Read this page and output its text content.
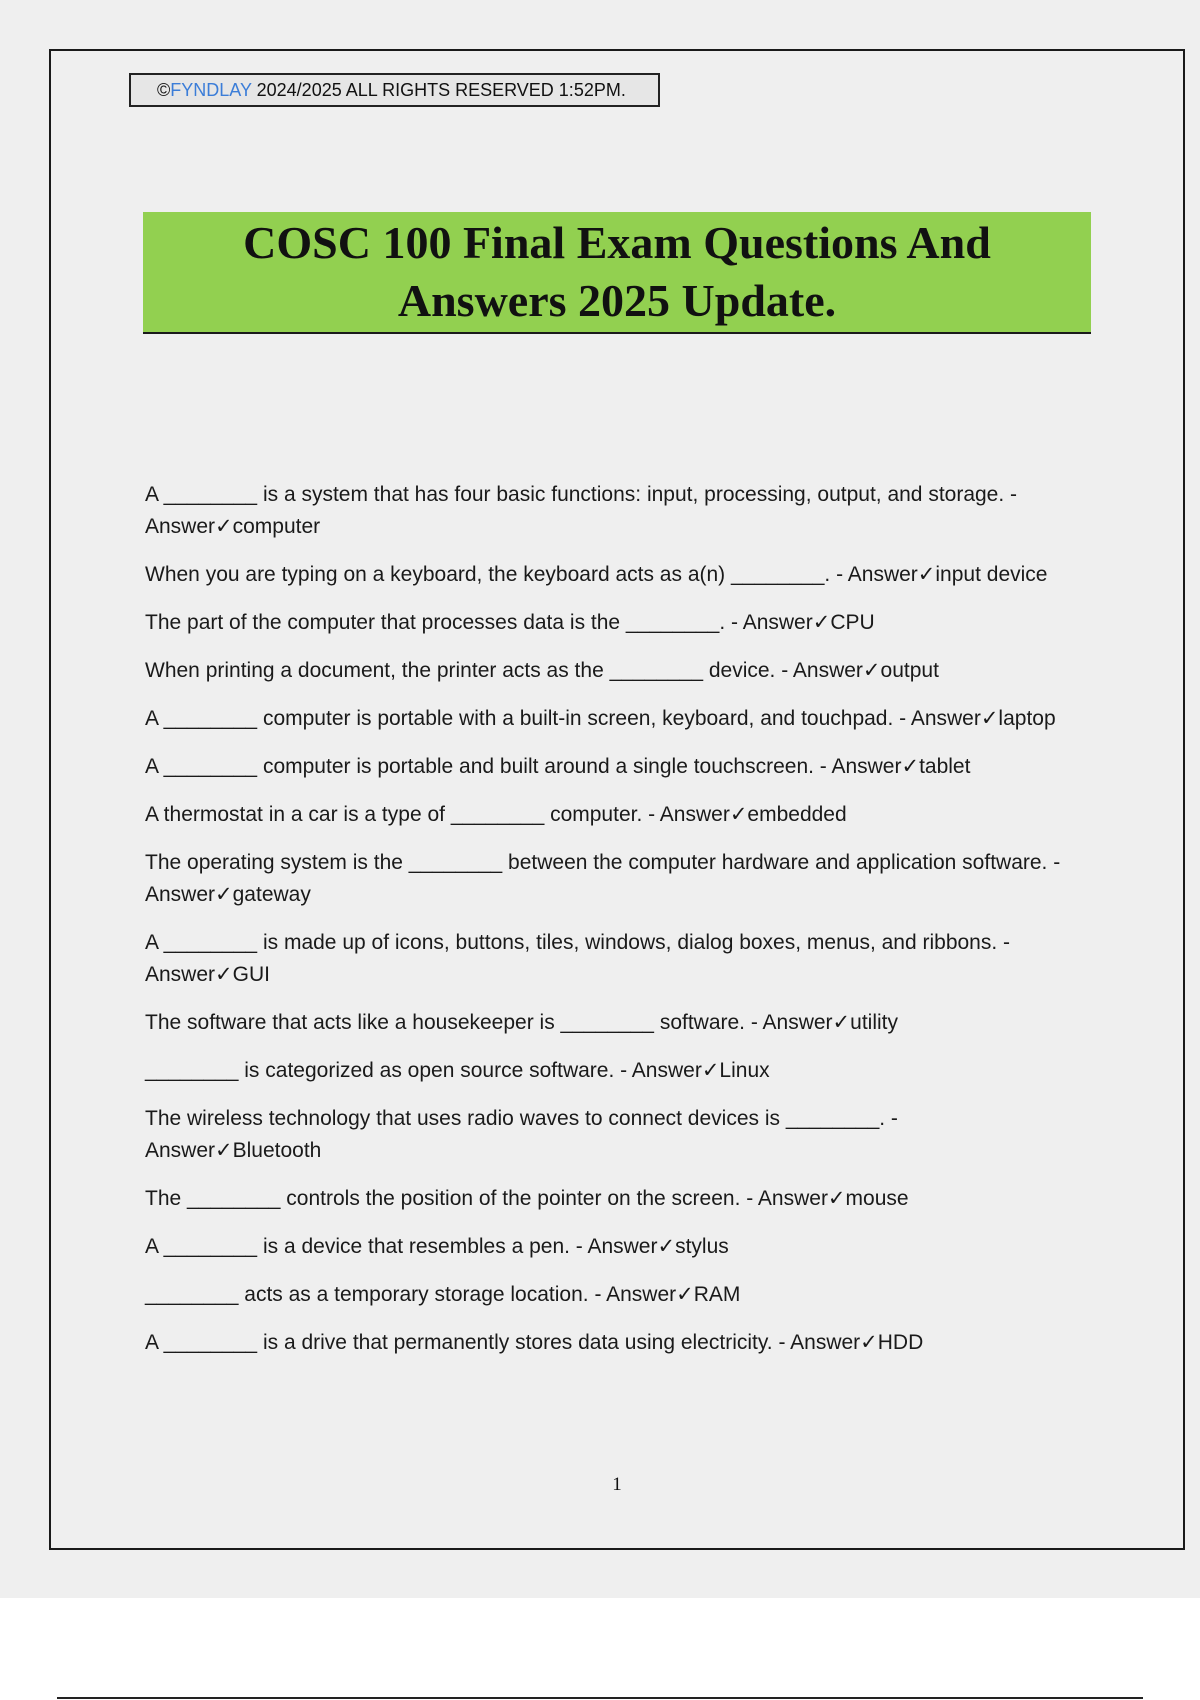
©FYNDLAY 2024/2025 ALL RIGHTS RESERVED 1:52PM.
COSC 100 Final Exam Questions And
Answers 2025 Update.
A ________ is a system that has four basic functions: input, processing, output, and storage. - Answer✓computer
When you are typing on a keyboard, the keyboard acts as a(n) ________. - Answer✓input device
The part of the computer that processes data is the ________. - Answer✓CPU
When printing a document, the printer acts as the ________ device. - Answer✓output
A ________ computer is portable with a built-in screen, keyboard, and touchpad. - Answer✓laptop
A ________ computer is portable and built around a single touchscreen. - Answer✓tablet
A thermostat in a car is a type of ________ computer. - Answer✓embedded
The operating system is the ________ between the computer hardware and application software. - Answer✓gateway
A ________ is made up of icons, buttons, tiles, windows, dialog boxes, menus, and ribbons. - Answer✓GUI
The software that acts like a housekeeper is ________ software. - Answer✓utility
________ is categorized as open source software. - Answer✓Linux
The wireless technology that uses radio waves to connect devices is ________. - Answer✓Bluetooth
The ________ controls the position of the pointer on the screen. - Answer✓mouse
A ________ is a device that resembles a pen. - Answer✓stylus
________ acts as a temporary storage location. - Answer✓RAM
A ________ is a drive that permanently stores data using electricity. - Answer✓HDD
1
